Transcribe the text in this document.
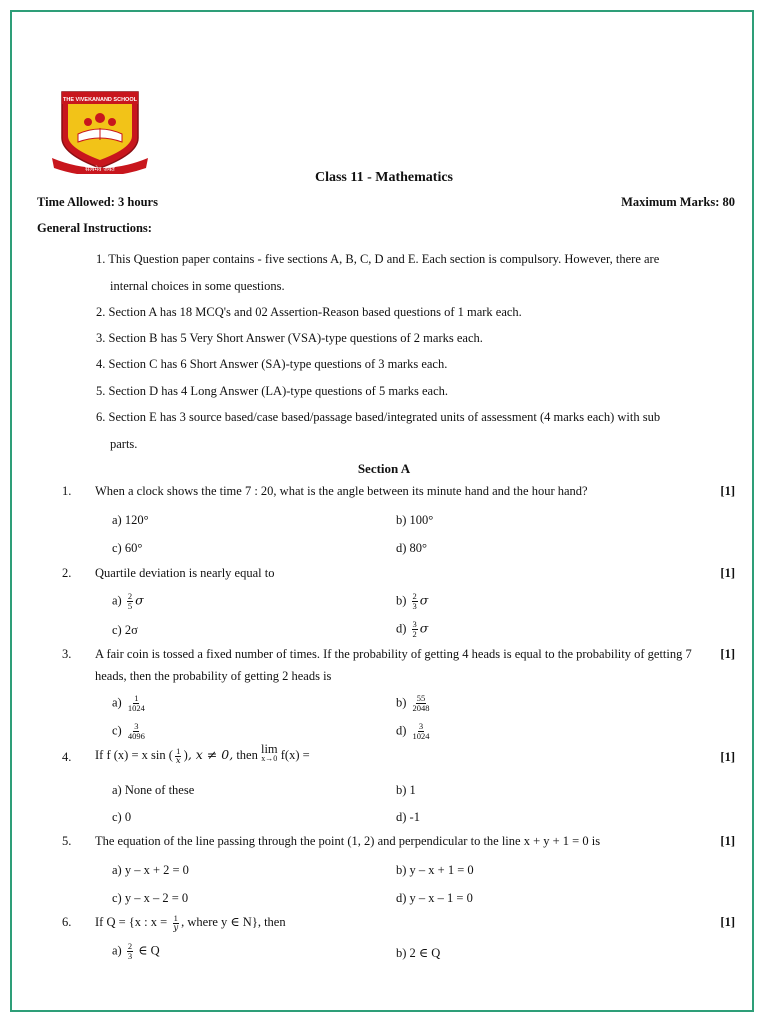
THE VIVEKANAND SCHOOL
सत्यमेव जयते
Class 11 - Mathematics
Time Allowed: 3 hours	Maximum Marks: 80
General Instructions:
1. This Question paper contains - five sections A, B, C, D and E. Each section is compulsory. However, there are
internal choices in some questions.
2. Section A has 18 MCQ's and 02 Assertion-Reason based questions of 1 mark each.
3. Section B has 5 Very Short Answer (VSA)-type questions of 2 marks each.
4. Section C has 6 Short Answer (SA)-type questions of 3 marks each.
5. Section D has 4 Long Answer (LA)-type questions of 5 marks each.
6. Section E has 3 source based/case based/passage based/integrated units of assessment (4 marks each) with sub
parts.
Section A
1. When a clock shows the time 7 : 20, what is the angle between its minute hand and the hour hand?	[1]
a) 120°	b) 100°
c) 60°	d) 80°
2. Quartile deviation is nearly equal to	[1]
$a) \frac{2}{5}$ σ	$b) \frac{2}{3}$ σ
c) 2σ	$d) \frac{3}{2}$ σ
3. A fair coin is tossed a fixed number of times. If the probability of getting 4 heads is equal to the probability of getting 7 heads, then the probability of getting 2 heads is
[1]
$a) \frac{1}{1024}$	$b) \frac{55}{2048}$
$c) \frac{3}{4096}$	$d) \frac{3}{1024}$
4. If f (x) = x sin ( $\frac{1}{x}$ ), x ≠ 0, then lim
x→0 f(x) =	[1]
a) None of these	b) 1
c) 0	d) -1
5. The equation of the line passing through the point (1, 2) and perpendicular to the line x + y + 1 = 0 is	[1]
a) y – x + 2 = 0	b) y – x + 1 = 0
c) y – x – 2 = 0	d) y – x – 1 = 0
6. If Q = {x : $x = \frac{1}{y}$ , where y ∈ N}, then	[1]
$a) \frac{2}{3}$ ∈ Q	b) 2 ∈ Q
